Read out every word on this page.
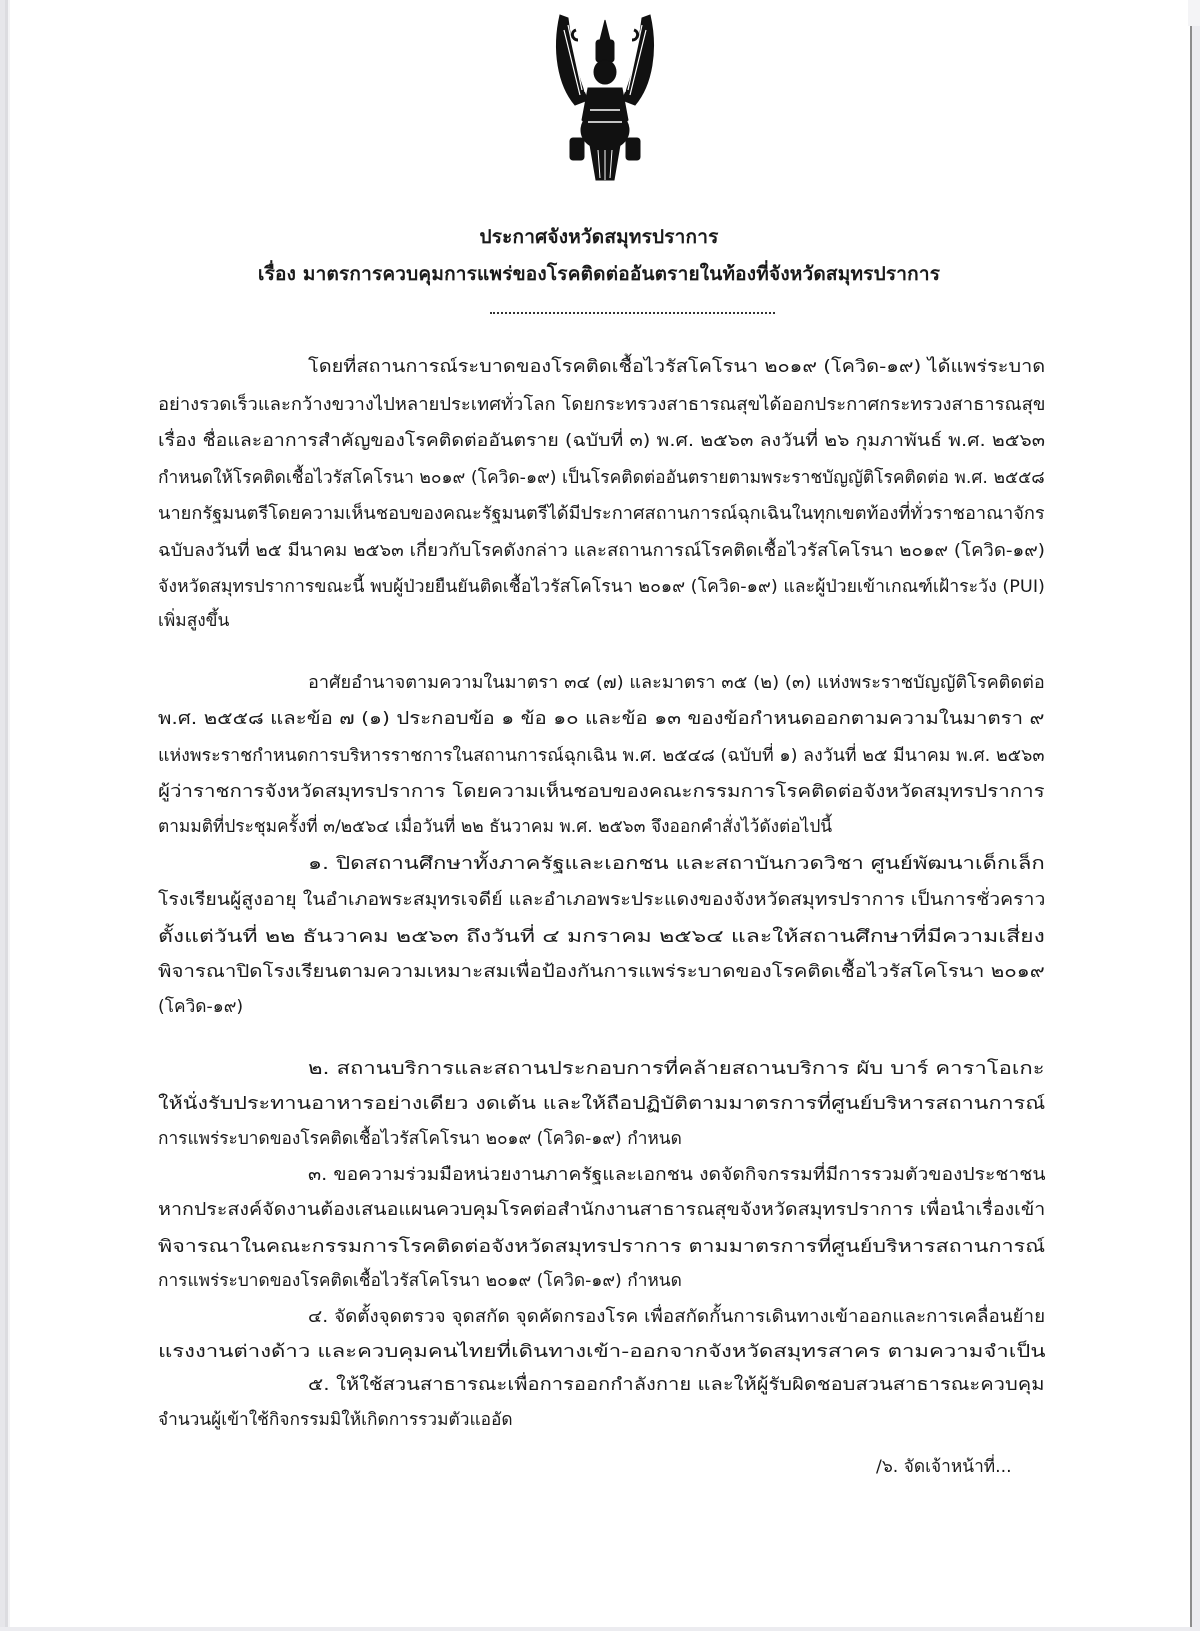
ประกาศจังหวัดสมุทรปราการ
เรื่อง มาตรการควบคุมการแพร่ของโรคติดต่ออันตรายในท้องที่จังหวัดสมุทรปราการ
โดยที่สถานการณ์ระบาดของโรคติดเชื้อไวรัสโคโรนา ๒๐๑๙ (โควิด-๑๙) ได้แพร่ระบาด
อย่างรวดเร็วและกว้างขวางไปหลายประเทศทั่วโลก โดยกระทรวงสาธารณสุขได้ออกประกาศกระทรวงสาธารณสุข
เรื่อง ชื่อและอาการสำคัญของโรคติดต่ออันตราย (ฉบับที่ ๓) พ.ศ. ๒๕๖๓ ลงวันที่ ๒๖ กุมภาพันธ์ พ.ศ. ๒๕๖๓
กำหนดให้โรคติดเชื้อไวรัสโคโรนา ๒๐๑๙ (โควิด-๑๙) เป็นโรคติดต่ออันตรายตามพระราชบัญญัติโรคติดต่อ พ.ศ. ๒๕๕๘
นายกรัฐมนตรีโดยความเห็นชอบของคณะรัฐมนตรีได้มีประกาศสถานการณ์ฉุกเฉินในทุกเขตท้องที่ทั่วราชอาณาจักร
ฉบับลงวันที่ ๒๕ มีนาคม ๒๕๖๓ เกี่ยวกับโรคดังกล่าว และสถานการณ์โรคติดเชื้อไวรัสโคโรนา ๒๐๑๙ (โควิด-๑๙)
จังหวัดสมุทรปราการขณะนี้ พบผู้ป่วยยืนยันติดเชื้อไวรัสโคโรนา ๒๐๑๙ (โควิด-๑๙) และผู้ป่วยเข้าเกณฑ์เฝ้าระวัง (PUI)
เพิ่มสูงขึ้น
อาศัยอำนาจตามความในมาตรา ๓๔ (๗) และมาตรา ๓๕ (๒) (๓) แห่งพระราชบัญญัติโรคติดต่อ
พ.ศ. ๒๕๕๘ และข้อ ๗ (๑) ประกอบข้อ ๑ ข้อ ๑๐ และข้อ ๑๓ ของข้อกำหนดออกตามความในมาตรา ๙
แห่งพระราชกำหนดการบริหารราชการในสถานการณ์ฉุกเฉิน พ.ศ. ๒๕๔๘ (ฉบับที่ ๑) ลงวันที่ ๒๕ มีนาคม พ.ศ. ๒๕๖๓
ผู้ว่าราชการจังหวัดสมุทรปราการ โดยความเห็นชอบของคณะกรรมการโรคติดต่อจังหวัดสมุทรปราการ
ตามมติที่ประชุมครั้งที่ ๓/๒๕๖๔ เมื่อวันที่ ๒๒ ธันวาคม พ.ศ. ๒๕๖๓ จึงออกคำสั่งไว้ดังต่อไปนี้
๑. ปิดสถานศึกษาทั้งภาครัฐและเอกชน และสถาบันกวดวิชา ศูนย์พัฒนาเด็กเล็ก
โรงเรียนผู้สูงอายุ ในอำเภอพระสมุทรเจดีย์ และอำเภอพระประแดงของจังหวัดสมุทรปราการ เป็นการชั่วคราว
ตั้งแต่วันที่ ๒๒ ธันวาคม ๒๕๖๓ ถึงวันที่ ๔ มกราคม ๒๕๖๔ และให้สถานศึกษาที่มีความเสี่ยง
พิจารณาปิดโรงเรียนตามความเหมาะสมเพื่อป้องกันการแพร่ระบาดของโรคติดเชื้อไวรัสโคโรนา ๒๐๑๙
(โควิด-๑๙)
๒. สถานบริการและสถานประกอบการที่คล้ายสถานบริการ ผับ บาร์ คาราโอเกะ
ให้นั่งรับประทานอาหารอย่างเดียว งดเต้น และให้ถือปฏิบัติตามมาตรการที่ศูนย์บริหารสถานการณ์
การแพร่ระบาดของโรคติดเชื้อไวรัสโคโรนา ๒๐๑๙ (โควิด-๑๙) กำหนด
๓. ขอความร่วมมือหน่วยงานภาครัฐและเอกชน งดจัดกิจกรรมที่มีการรวมตัวของประชาชน
หากประสงค์จัดงานต้องเสนอแผนควบคุมโรคต่อสำนักงานสาธารณสุขจังหวัดสมุทรปราการ เพื่อนำเรื่องเข้า
พิจารณาในคณะกรรมการโรคติดต่อจังหวัดสมุทรปราการ ตามมาตรการที่ศูนย์บริหารสถานการณ์
การแพร่ระบาดของโรคติดเชื้อไวรัสโคโรนา ๒๐๑๙ (โควิด-๑๙) กำหนด
๔. จัดตั้งจุดตรวจ จุดสกัด จุดคัดกรองโรค เพื่อสกัดกั้นการเดินทางเข้าออกและการเคลื่อนย้าย
แรงงานต่างด้าว และควบคุมคนไทยที่เดินทางเข้า-ออกจากจังหวัดสมุทรสาคร ตามความจำเป็น
๕. ให้ใช้สวนสาธารณะเพื่อการออกกำลังกาย และให้ผู้รับผิดชอบสวนสาธารณะควบคุม
จำนวนผู้เข้าใช้กิจกรรมมิให้เกิดการรวมตัวแออัด
/๖. จัดเจ้าหน้าที่...
